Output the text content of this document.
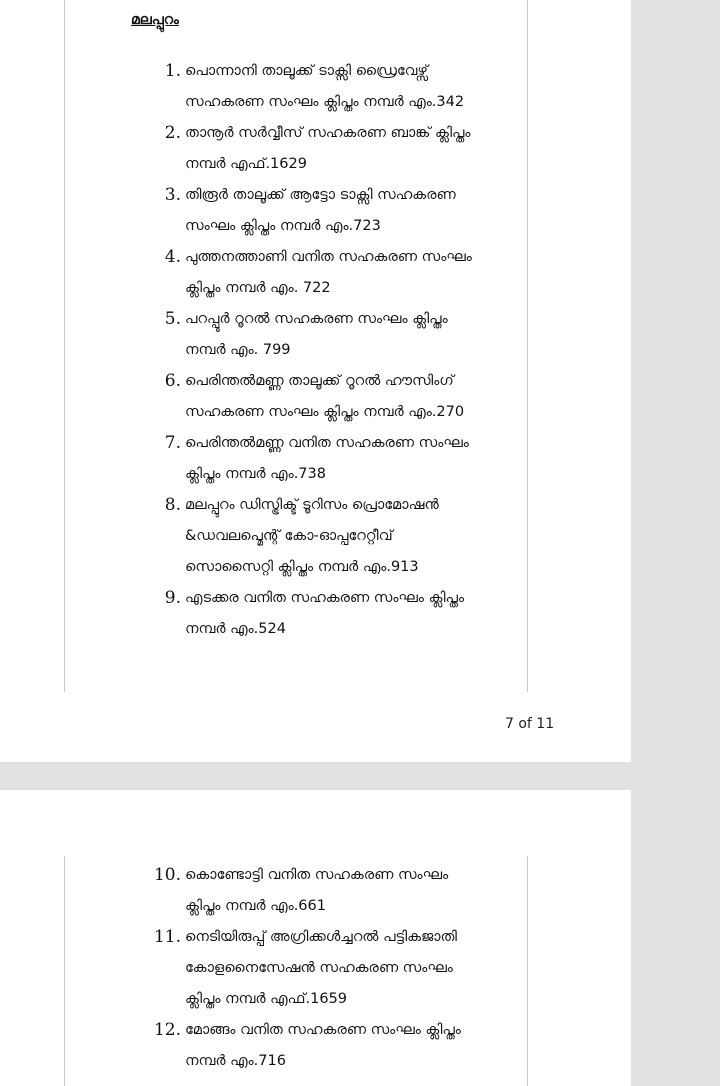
മലപ്പുറം
1. പൊന്നാനി താലൂക്ക് ടാക്സി ഡ്രൈവേഴ്സ്
സഹകരണ സംഘം ക്ലിപ്തം നമ്പർ എം.342
2. താനൂർ സർവ്വീസ് സഹകരണ ബാങ്ക് ക്ലിപ്തം
നമ്പർ എഫ്.1629
3. തിരൂർ താലൂക്ക് ആട്ടോ ടാക്സി സഹകരണ
സംഘം ക്ലിപ്തം നമ്പർ എം.723
4. പുത്തനത്താണി വനിത സഹകരണ സംഘം
ക്ലിപ്തം നമ്പർ എം. 722
5. പറപ്പൂർ റൂറൽ സഹകരണ സംഘം ക്ലിപ്തം
നമ്പർ എം. 799
6. പെരിന്തൽമണ്ണ താലൂക്ക് റൂറൽ ഹൗസിംഗ്
സഹകരണ സംഘം ക്ലിപ്തം നമ്പർ എം.270
7. പെരിന്തൽമണ്ണ വനിത സഹകരണ സംഘം
ക്ലിപ്തം നമ്പർ എം.738
8. മലപ്പുറം ഡിസ്ട്രിക്ട് ടൂറിസം പ്രൊമോഷൻ
&ഡവലപ്മെന്റ് കോ-ഓപ്പറേറ്റീവ്
സൊസൈറ്റി ക്ലിപ്തം നമ്പർ എം.913
9. എടക്കര വനിത സഹകരണ സംഘം ക്ലിപ്തം
നമ്പർ എം.524
7 of 11
10. കൊണ്ടോട്ടി വനിത സഹകരണ സംഘം
ക്ലിപ്തം നമ്പർ എം.661
11. നെടിയിരുപ്പ് അഗ്രിക്കൾച്ചറൽ പട്ടികജാതി
കോളനൈസേഷൻ സഹകരണ സംഘം
ക്ലിപ്തം നമ്പർ എഫ്.1659
12. മോങ്ങം വനിത സഹകരണ സംഘം ക്ലിപ്തം
നമ്പർ എം.716
